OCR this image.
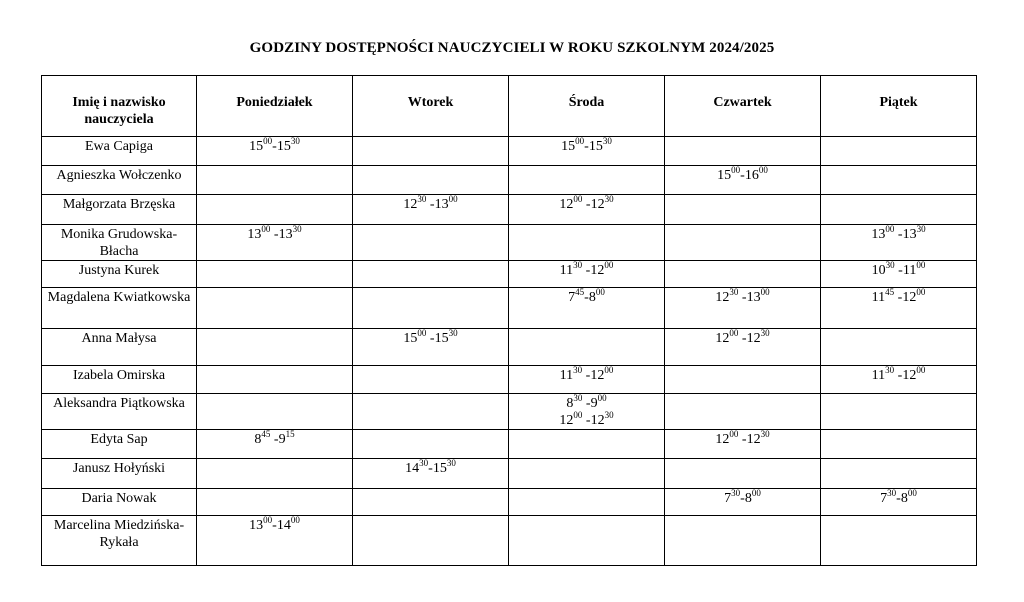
GODZINY DOSTĘPNOŚCI NAUCZYCIELI W ROKU SZKOLNYM 2024/2025
Imię i nazwisko nauczyciela	Poniedziałek	Wtorek	Środa	Czwartek	Piątek

Ewa Capiga	$15^{00}-15^{30}$		$15^{00}-15^{30}$

Agnieszka Wołczenko				$15^{00}-16^{00}$

Małgorzata Brzęska		$12^{30}$ $-13^{00}$	$12^{00}$ $-12^{30}$

Monika Grudowska-Błacha	$13^{00}$ $-13^{30}$				$13^{00}$ $-13^{30}$

Justyna Kurek			$11^{30}$ $-12^{00}$		$10^{30}$ $-11^{00}$

Magdalena Kwiatkowska			$7^{45}-8^{00}$	$12^{30}$ $-13^{00}$	$11^{45}$ $-12^{00}$

Anna Małysa		$15^{00}$ $-15^{30}$		$12^{00}$ $-12^{30}$

Izabela Omirska			$11^{30}$ $-12^{00}$		$11^{30}$ $-12^{00}$

Aleksandra Piątkowska			$8^{30}$ $-9^{00}$
$12^{00}$ $-12^{30}$

Edyta Sap	$8^{45}$ $-9^{15}$			$12^{00}$ $-12^{30}$

Janusz Hołyński		$14^{30}-15^{30}$

Daria Nowak				$7^{30}-8^{00}$	$7^{30}-8^{00}$

Marcelina Miedzińska- Rykała	$13^{00}-14^{00}$
